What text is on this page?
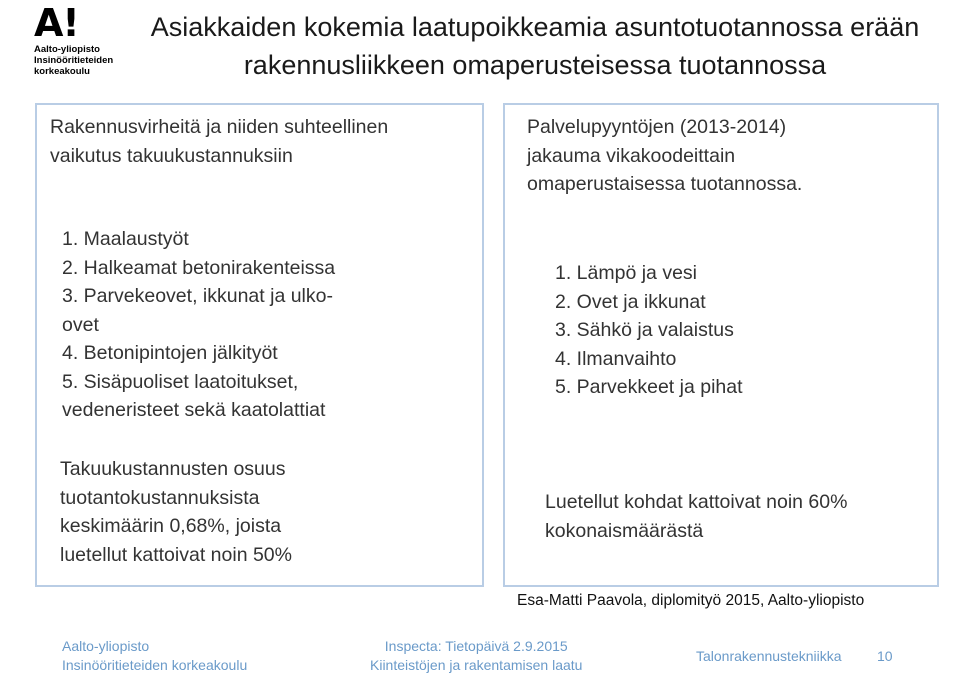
A!
Aalto-yliopisto
Insinööritieteiden
korkeakoulu
Asiakkaiden kokemia laatupoikkeamia asuntotuotannossa erään
rakennusliikkeen omaperusteisessa tuotannossa
Rakennusvirheitä ja niiden suhteellinen
vaikutus takuukustannuksiin
1. Maalaustyöt
2. Halkeamat betonirakenteissa
3. Parvekeovet, ikkunat ja ulko-
ovet
4. Betonipintojen jälkityöt
5. Sisäpuoliset laatoitukset,
vedeneristeet sekä kaatolattiat
Takuukustannusten osuus
tuotantokustannuksista
keskimäärin 0,68%, joista
luetellut kattoivat noin 50%
Palvelupyyntöjen (2013-2014)
jakauma vikakoodeittain
omaperustaisessa tuotannossa.
1. Lämpö ja vesi
2. Ovet ja ikkunat
3. Sähkö ja valaistus
4. Ilmanvaihto
5. Parvekkeet ja pihat
Luetellut kohdat kattoivat noin 60%
kokonaismäärästä
Esa-Matti Paavola, diplomityö 2015, Aalto-yliopisto
Aalto-yliopisto
Insinööritieteiden korkeakoulu
Inspecta: Tietopäivä 2.9.2015
Kiinteistöjen ja rakentamisen laatu
Talonrakennustekniikka	10
